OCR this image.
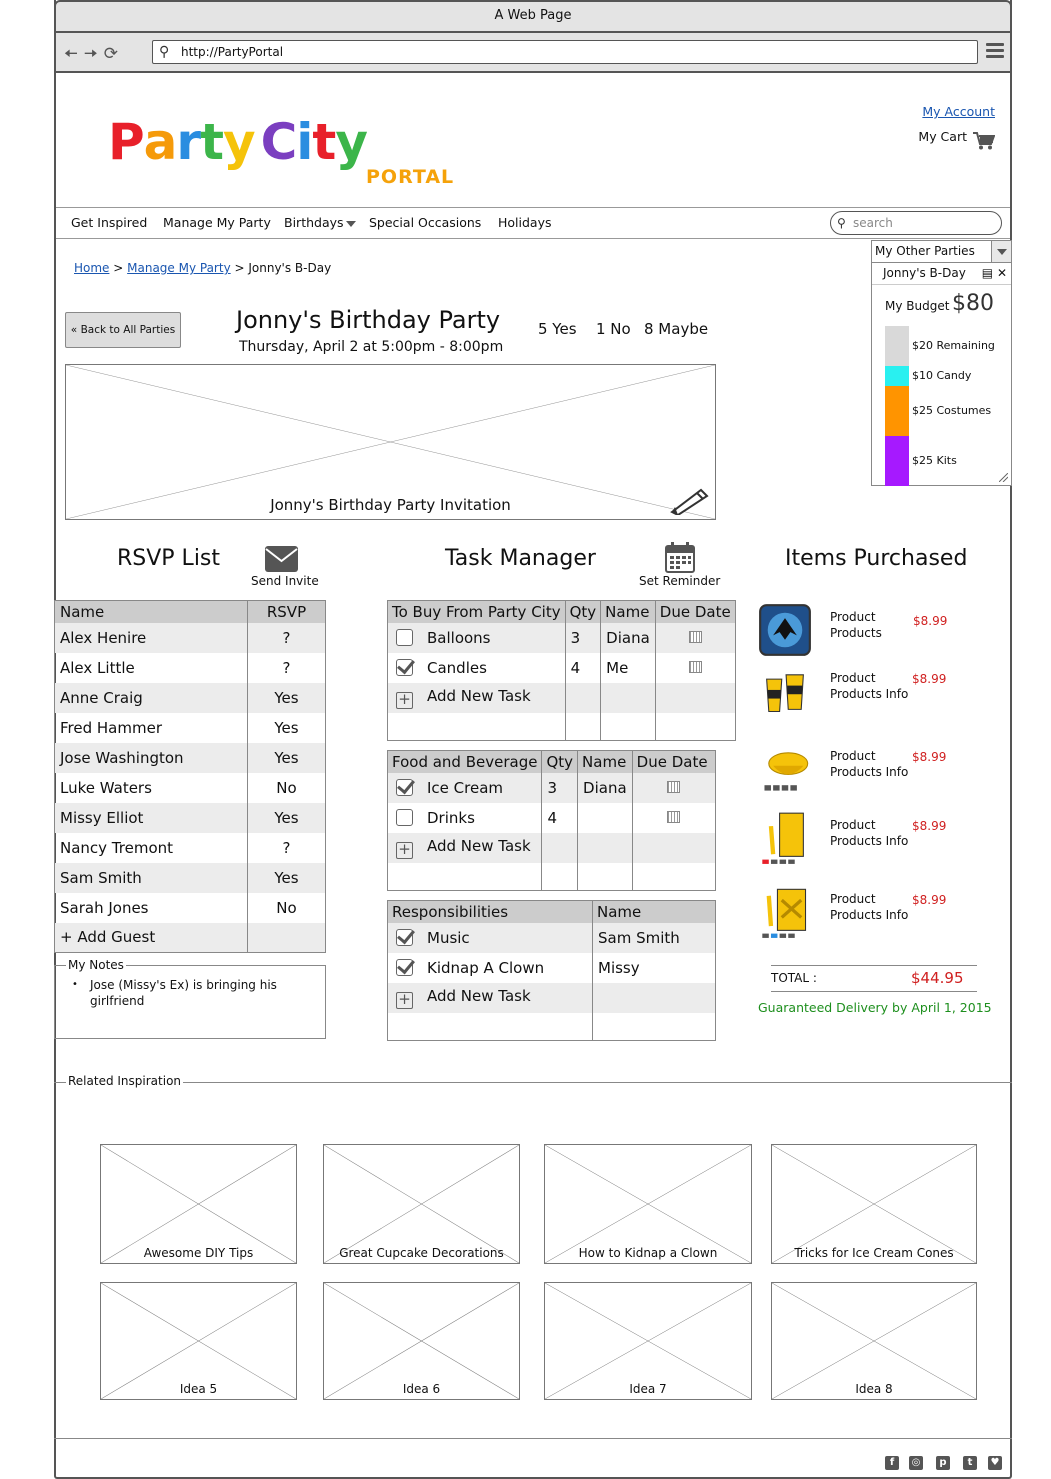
A Web Page
🠤🠦⟳	⚲ http://PartyPortal
Party City
PORTAL
My Account
My Cart
Get Inspired Manage My Party Birthdays Special Occasions Holidays	⚲ search
My Other Parties
Jonny's B-Day ▤ ✕
My Budget $80
$20 Remaining
$10 Candy
$25 Costumes
$25 Kits
Home > Manage My Party > Jonny's B-Day
« Back to All Parties	Jonny's Birthday Party
Thursday, April 2 at 5:00pm - 8:00pm
5 Yes 1 No 8 Maybe
Jonny's Birthday Party Invitation
RSVP List
Send Invite
Task Manager
Set Reminder
Items Purchased
Name	RSVP
Alex Henire	?
Alex Little	?
Anne Craig	Yes
Fred Hammer	Yes
Jose Washington	Yes
Luke Waters	No
Missy Elliot	Yes
Nancy Tremont	?
Sam Smith	Yes
Sarah Jones	No
+ Add Guest	
My Notes
• Jose (Missy's Ex) is bringing his girlfriend
To Buy From Party City	Qty	Name	Due Date
Balloons	3	Diana	
Candles	4	Me	
+ Add New Task			

Food and Beverage	Qty	Name	Due Date
Ice Cream	3	Diana	
Drinks	4		
+ Add New Task			

Responsibilities	Name
Music	Sam Smith
Kidnap A Clown	Missy
+ Add New Task	

Product
Products
$8.99
Product
Products Info
$8.99
Product
Products Info
$8.99
Product
Products Info
$8.99
Product
Products Info
$8.99
TOTAL :	$44.95
Guaranteed Delivery by April 1, 2015
Related Inspiration
Awesome DIY Tips	Great Cupcake Decorations	How to Kidnap a Clown	Tricks for Ice Cream Cones
Idea 5	Idea 6	Idea 7	Idea 8
f	◎	p	t	♥
